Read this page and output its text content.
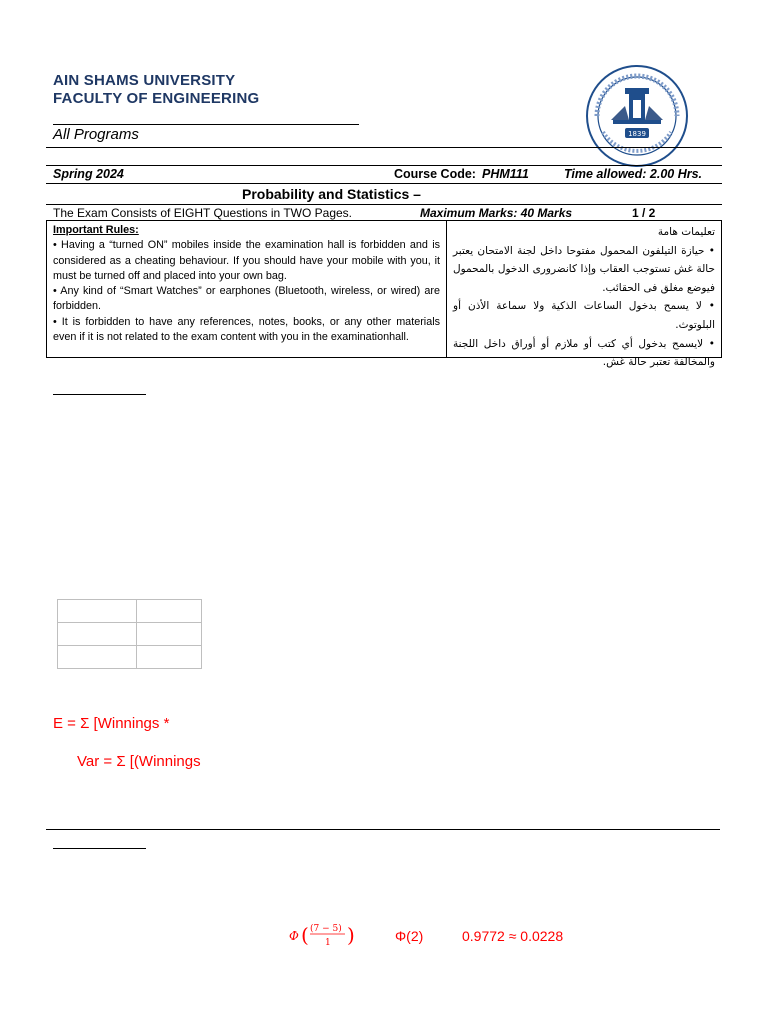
AIN SHAMS UNIVERSITY
FACULTY OF ENGINEERING
All Programs	1839
Spring 2024	Course Code: PHM111	Time allowed: 2.00 Hrs.
Probability and Statistics –
The Exam Consists of EIGHT Questions in TWO Pages.	Maximum Marks: 40 Marks	1 / 2
Important Rules:
• Having a “turned ON” mobiles inside the examination hall is forbidden and is considered as a cheating behaviour. If you should have your mobile with you, it must be turned off and placed into your own bag.
• Any kind of “Smart Watches” or earphones (Bluetooth, wireless, or wired) are forbidden.
• It is forbidden to have any references, notes, books, or any other materials even if it is not related to the exam content with you in the examinationhall.
تعليمات هامة
• حيازة التيلفون المحمول مفتوحا داخل لجنة الامتحان يعتبر حالة غش تستوجب العقاب وإذا كانضرورى الدخول بالمحمول فيوضع مغلق فى الحقائب.
• لا يسمح بدخول الساعات الذكية ولا سماعة الأذن أو البلوتوث.
• لايسمح بدخول أي كتب أو ملازم أو أوراق داخل اللجنة والمخالفة تعتبر حالة غش.

E = Σ [Winnings *
Var = Σ [(Winnings
Φ ( (7 − 5)
1 )	Φ(2)	0.9772 ≈ 0.0228
